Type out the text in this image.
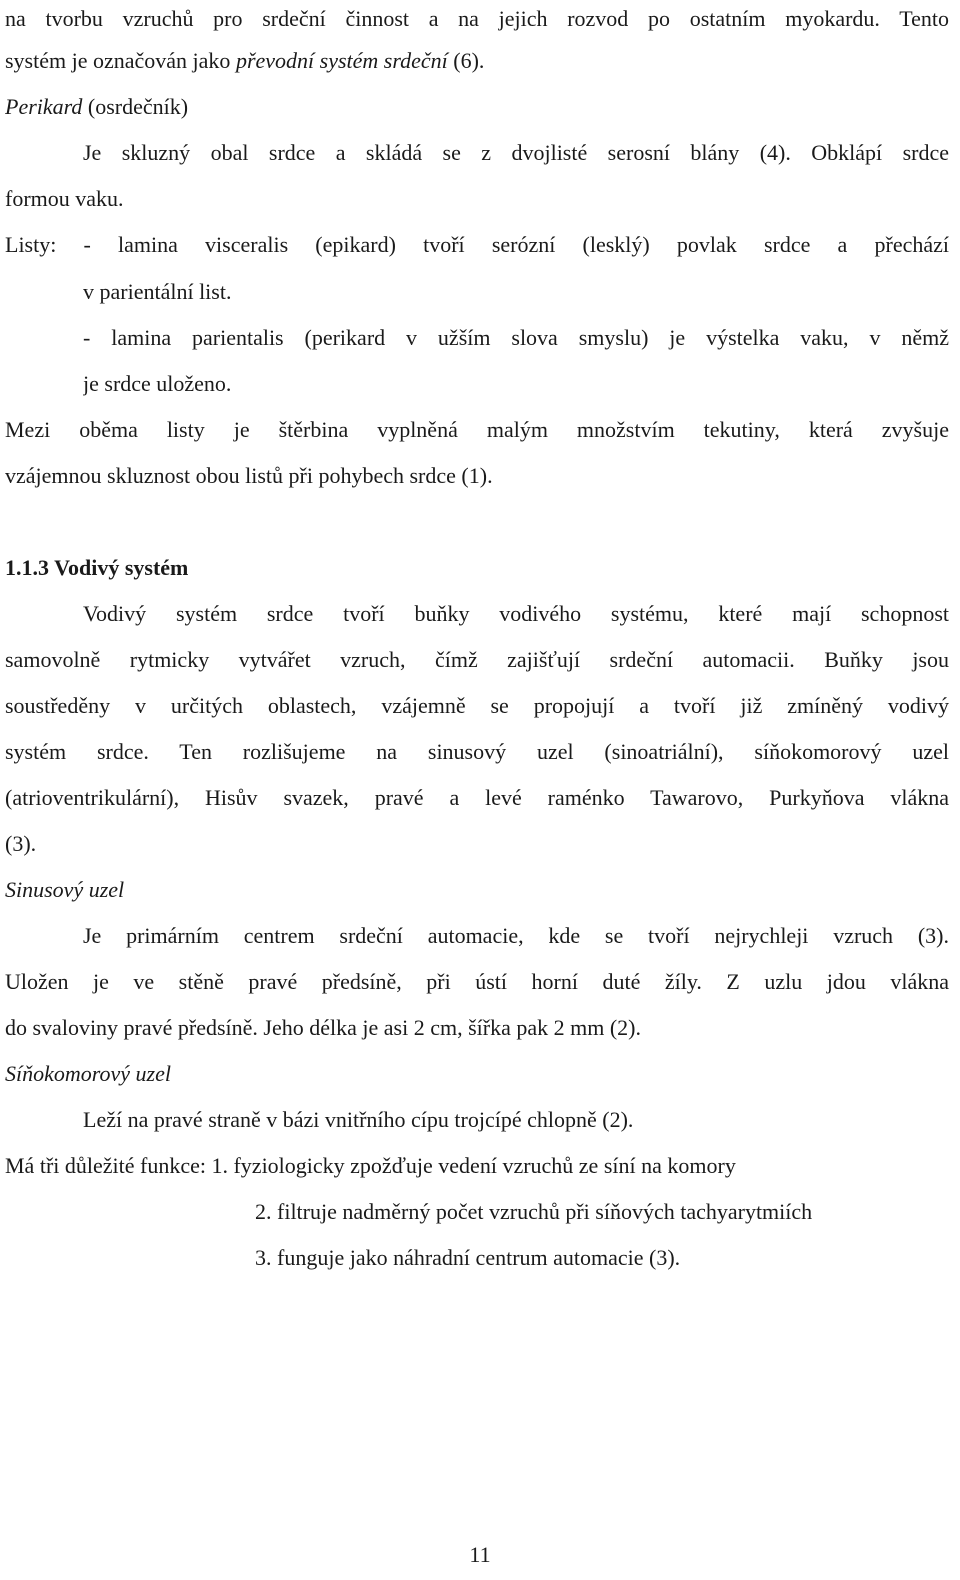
na tvorbu vzruchů pro srdeční činnost a na jejich rozvod po ostatním myokardu. Tento
systém je označován jako převodní systém srdeční (6).
Perikard (osrdečník)
Je skluzný obal srdce a skládá se z dvojlisté serosní blány (4). Obklápí srdce
formou vaku.
Listy: - lamina visceralis (epikard) tvoří serózní (lesklý) povlak srdce a přechází
v parientální list.
- lamina parientalis (perikard v užším slova smyslu) je výstelka vaku, v němž
je srdce uloženo.
Mezi oběma listy je štěrbina vyplněná malým množstvím tekutiny, která zvyšuje
vzájemnou skluznost obou listů při pohybech srdce (1).
1.1.3 Vodivý systém
Vodivý systém srdce tvoří buňky vodivého systému, které mají schopnost
samovolně rytmicky vytvářet vzruch, čímž zajišťují srdeční automacii. Buňky jsou
soustředěny v určitých oblastech, vzájemně se propojují a tvoří již zmíněný vodivý
systém srdce. Ten rozlišujeme na sinusový uzel (sinoatriální), síňokomorový uzel
(atrioventrikulární), Hisův svazek, pravé a levé raménko Tawarovo, Purkyňova vlákna
(3).
Sinusový uzel
Je primárním centrem srdeční automacie, kde se tvoří nejrychleji vzruch (3).
Uložen je ve stěně pravé předsíně, při ústí horní duté žíly. Z uzlu jdou vlákna
do svaloviny pravé předsíně. Jeho délka je asi 2 cm, šířka pak 2 mm (2).
Síňokomorový uzel
Leží na pravé straně v bázi vnitřního cípu trojcípé chlopně (2).
Má tři důležité funkce: 1. fyziologicky zpožďuje vedení vzruchů ze síní na komory
2. filtruje nadměrný počet vzruchů při síňových tachyarytmiích
3. funguje jako náhradní centrum automacie (3).
11
